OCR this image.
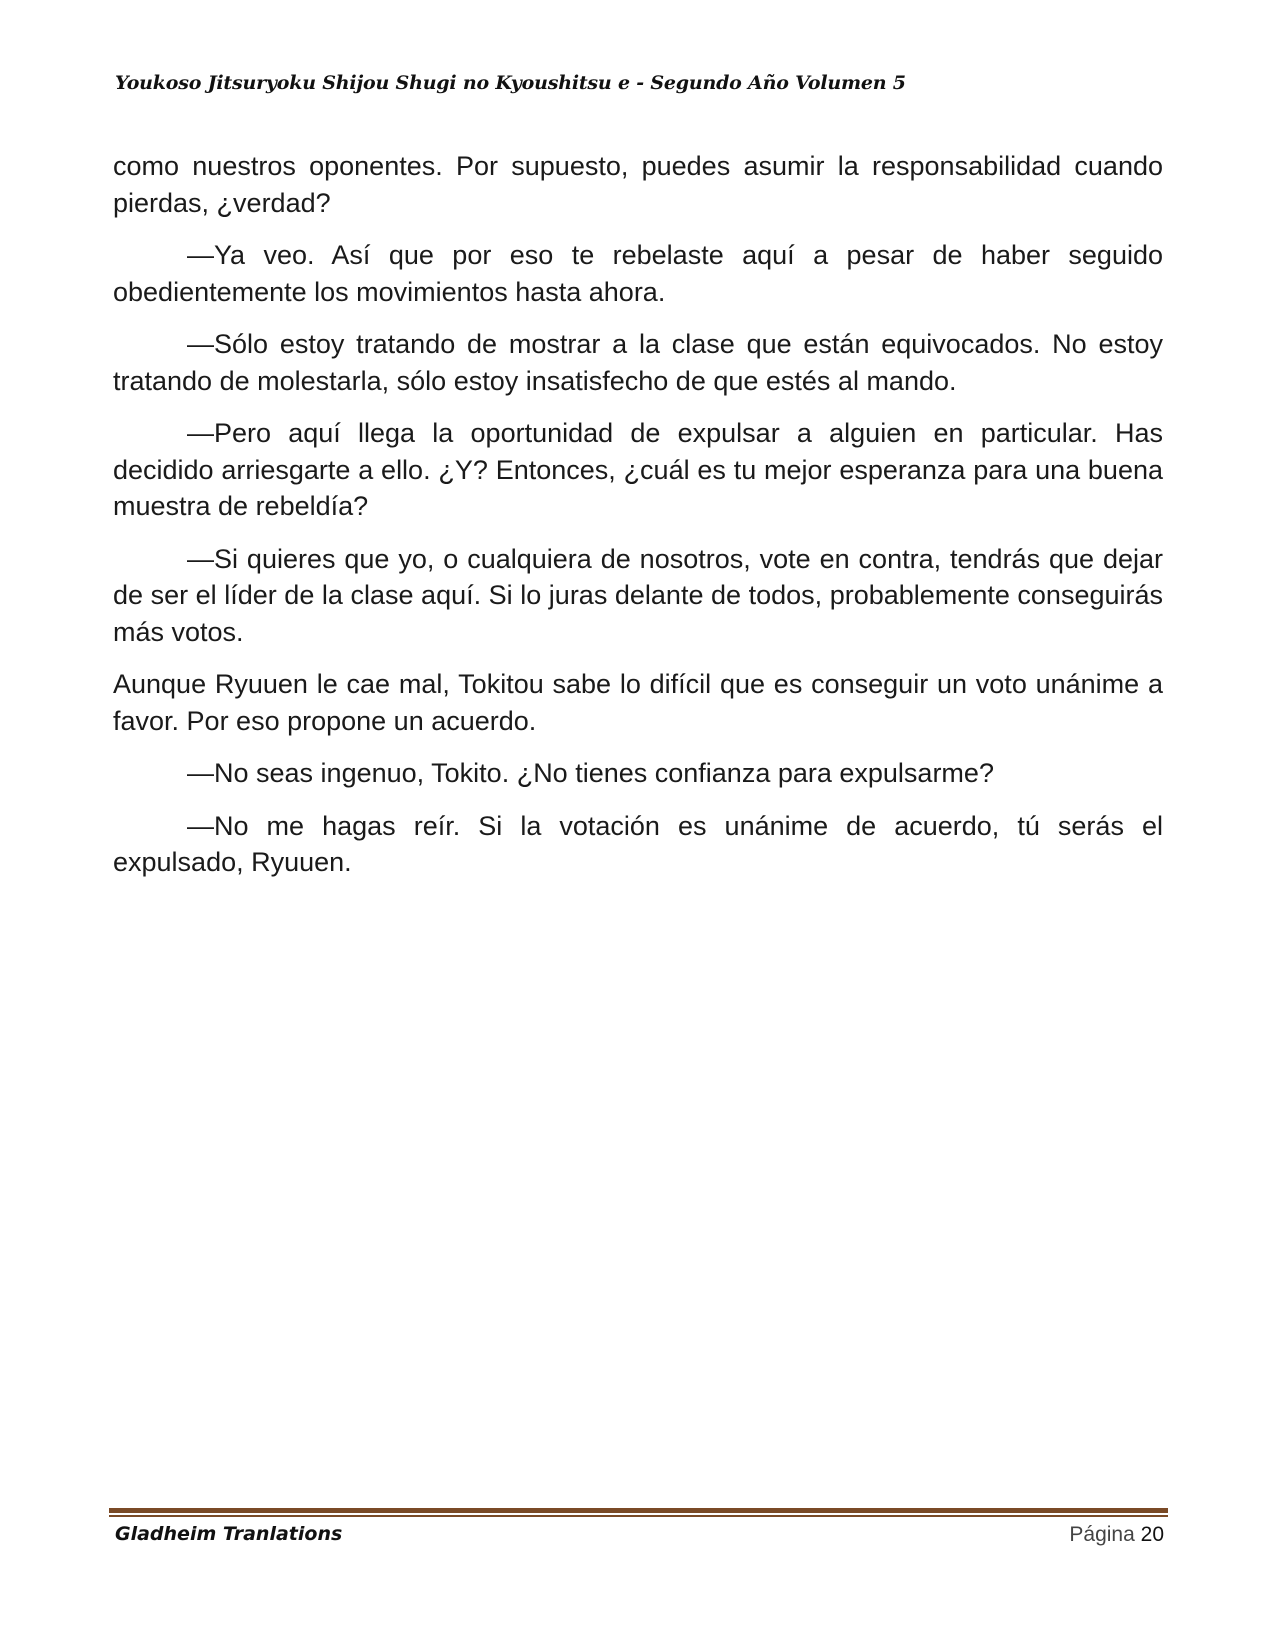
Youkoso Jitsuryoku Shijou Shugi no Kyoushitsu e - Segundo Año Volumen 5

como nuestros oponentes. Por supuesto, puedes asumir la responsabilidad cuando pierdas, ¿verdad?

—Ya veo. Así que por eso te rebelaste aquí a pesar de haber seguido obedientemente los movimientos hasta ahora.

—Sólo estoy tratando de mostrar a la clase que están equivocados. No estoy tratando de molestarla, sólo estoy insatisfecho de que estés al mando.

—Pero aquí llega la oportunidad de expulsar a alguien en particular. Has decidido arriesgarte a ello. ¿Y? Entonces, ¿cuál es tu mejor esperanza para una buena muestra de rebeldía?

—Si quieres que yo, o cualquiera de nosotros, vote en contra, tendrás que dejar de ser el líder de la clase aquí. Si lo juras delante de todos, probablemente conseguirás más votos.

Aunque Ryuuen le cae mal, Tokitou sabe lo difícil que es conseguir un voto unánime a favor. Por eso propone un acuerdo.

—No seas ingenuo, Tokito. ¿No tienes confianza para expulsarme?

—No me hagas reír. Si la votación es unánime de acuerdo, tú serás el expulsado, Ryuuen.

Gladheim Tranlations	Página 20
